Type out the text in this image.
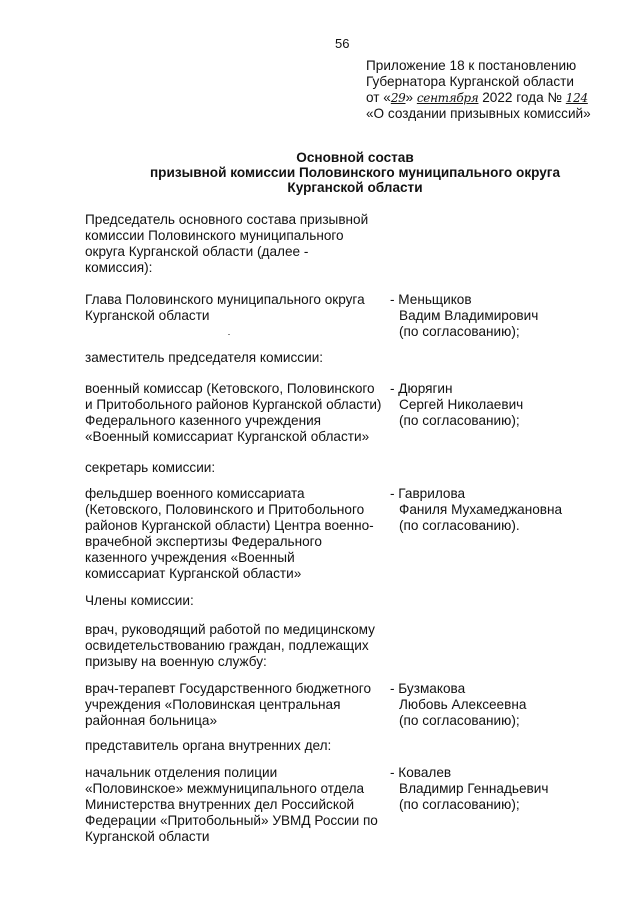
56
Приложение 18 к постановлению
Губернатора Курганской области
от «29» сентября 2022 года № 124
«О создании призывных комиссий»
Основной состав
призывной комиссии Половинского муниципального округа
Курганской области
Председатель основного состава призывной
комиссии Половинского муниципального
округа Курганской области (далее -
комиссия):
Глава Половинского муниципального округа
Курганской области
- Меньщиков
Вадим Владимирович
(по согласованию);
заместитель председателя комиссии:
военный комиссар (Кетовского, Половинского
и Притобольного районов Курганской области)
Федерального казенного учреждения
«Военный комиссариат Курганской области»
- Дюрягин
Сергей Николаевич
(по согласованию);
секретарь комиссии:
фельдшер военного комиссариата
(Кетовского, Половинского и Притобольного
районов Курганской области) Центра военно-
врачебной экспертизы Федерального
казенного учреждения «Военный
комиссариат Курганской области»
- Гаврилова
Фаниля Мухамеджановна
(по согласованию).
Члены комиссии:
врач, руководящий работой по медицинскому
освидетельствованию граждан, подлежащих
призыву на военную службу:
врач-терапевт Государственного бюджетного
учреждения «Половинская центральная
районная больница»
- Бузмакова
Любовь Алексеевна
(по согласованию);
представитель органа внутренних дел:
начальник отделения полиции
«Половинское» межмуниципального отдела
Министерства внутренних дел Российской
Федерации «Притобольный» УВМД России по
Курганской области
- Ковалев
Владимир Геннадьевич
(по согласованию);
